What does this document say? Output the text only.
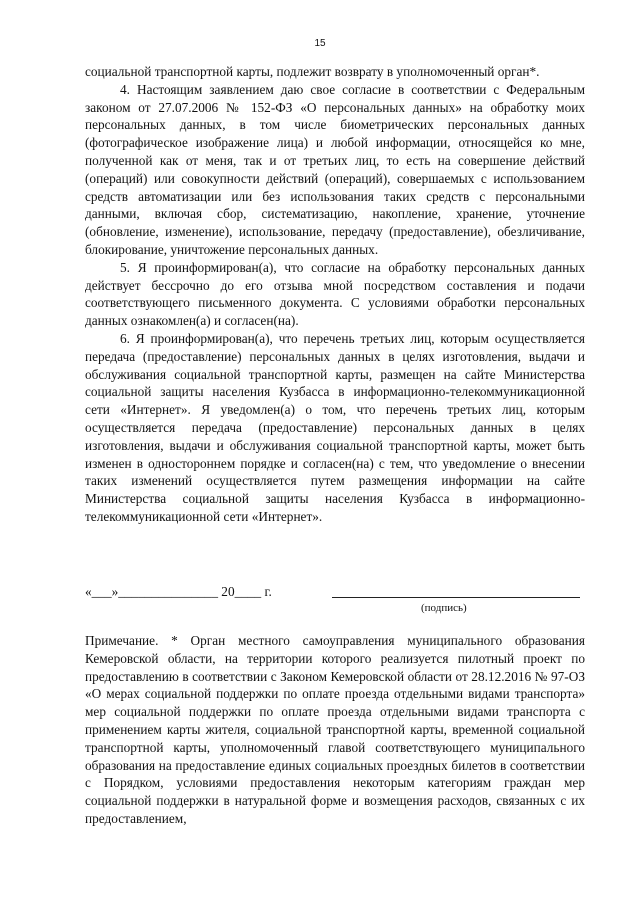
15

социальной транспортной карты, подлежит возврату в уполномоченный орган*.

4. Настоящим заявлением даю свое согласие в соответствии с Федеральным законом от 27.07.2006 № 152-ФЗ «О персональных данных» на обработку моих персональных данных, в том числе биометрических персональных данных (фотографическое изображение лица) и любой информации, относящейся ко мне, полученной как от меня, так и от третьих лиц, то есть на совершение действий (операций) или совокупности действий (операций), совершаемых с использованием средств автоматизации или без использования таких средств с персональными данными, включая сбор, систематизацию, накопление, хранение, уточнение (обновление, изменение), использование, передачу (предоставление), обезличивание, блокирование, уничтожение персональных данных.

5. Я проинформирован(а), что согласие на обработку персональных данных действует бессрочно до его отзыва мной посредством составления и подачи соответствующего письменного документа. С условиями обработки персональных данных ознакомлен(а) и согласен(на).

6. Я проинформирован(а), что перечень третьих лиц, которым осуществляется передача (предоставление) персональных данных в целях изготовления, выдачи и обслуживания социальной транспортной карты, размещен на сайте Министерства социальной защиты населения Кузбасса в информационно-телекоммуникационной сети «Интернет». Я уведомлен(а) о том, что перечень третьих лиц, которым осуществляется передача (предоставление) персональных данных в целях изготовления, выдачи и обслуживания социальной транспортной карты, может быть изменен в одностороннем порядке и согласен(на) с тем, что уведомление о внесении таких изменений осуществляется путем размещения информации на сайте Министерства социальной защиты населения Кузбасса в информационно-телекоммуникационной сети «Интернет».

«___»_______________ 20____ г.
(подпись)

Примечание. * Орган местного самоуправления муниципального образования Кемеровской области, на территории которого реализуется пилотный проект по предоставлению в соответствии с Законом Кемеровской области от 28.12.2016 № 97-ОЗ «О мерах социальной поддержки по оплате проезда отдельными видами транспорта» мер социальной поддержки по оплате проезда отдельными видами транспорта с применением карты жителя, социальной транспортной карты, временной социальной транспортной карты, уполномоченный главой соответствующего муниципального образования на предоставление единых социальных проездных билетов в соответствии с Порядком, условиями предоставления некоторым категориям граждан мер социальной поддержки в натуральной форме и возмещения расходов, связанных с их предоставлением,
